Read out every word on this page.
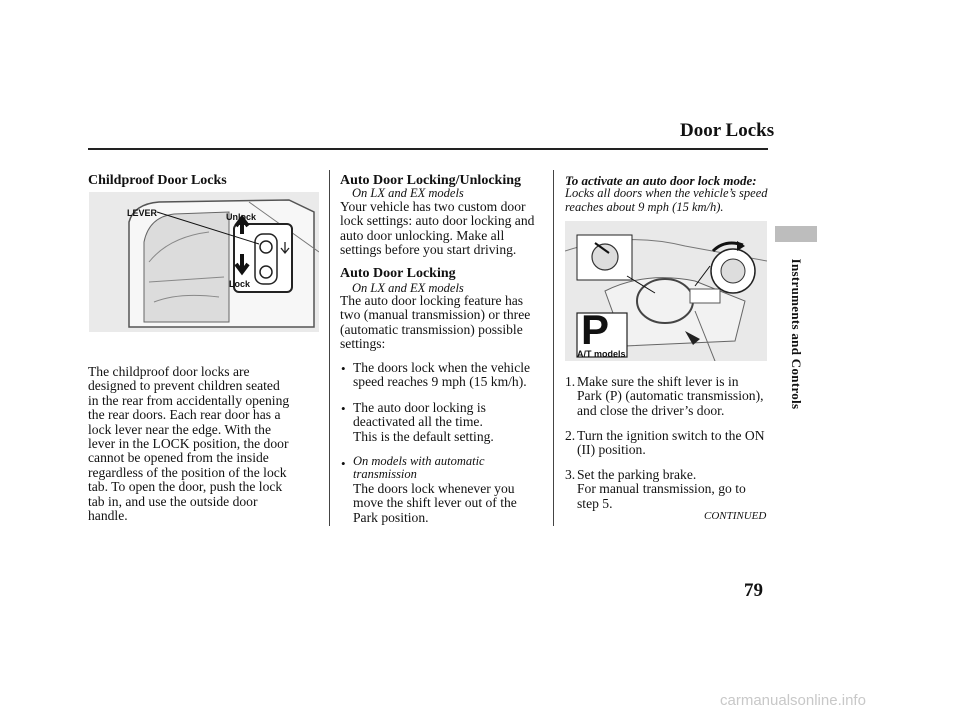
Door Locks
Instruments and Controls
Childproof Door Locks
LEVER	Unlock
Lock
The childproof door locks are
designed to prevent children seated
in the rear from accidentally opening
the rear doors. Each rear door has a
lock lever near the edge. With the
lever in the LOCK position, the door
cannot be opened from the inside
regardless of the position of the lock
tab. To open the door, push the lock
tab in, and use the outside door
handle.
Auto Door Locking/Unlocking
On LX and EX models
Your vehicle has two custom door
lock settings: auto door locking and
auto door unlocking. Make all
settings before you start driving.
Auto Door Locking
On LX and EX models
The auto door locking feature has
two (manual transmission) or three
(automatic transmission) possible
settings:
• The doors lock when the vehicle
speed reaches 9 mph (15 km/h).
• The auto door locking is
deactivated all the time.
This is the default setting.
• On models with automatic
transmission
The doors lock whenever you
move the shift lever out of the
Park position.
To activate an auto door lock mode:
Locks all doors when the vehicle’s speed
reaches about 9 mph (15 km/h).
P
A/T models
1. Make sure the shift lever is in
Park (P) (automatic transmission),
and close the driver’s door.
2. Turn the ignition switch to the ON
(II) position.
3. Set the parking brake.
For manual transmission, go to
step 5.
CONTINUED
79
carmanualsonline.info
